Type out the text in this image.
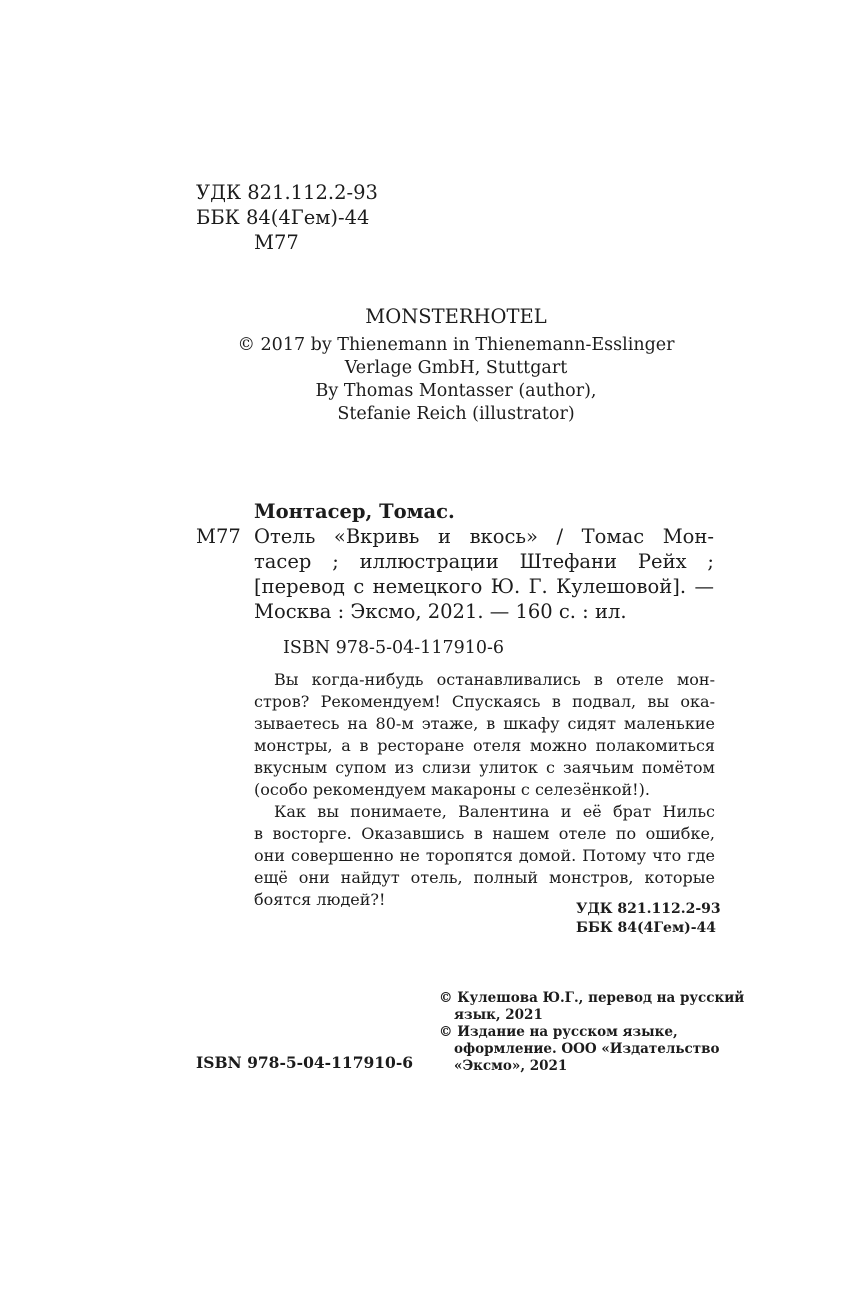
УДК 821.112.2-93
ББК 84(4Гем)-44
М77
MONSTERHOTEL
© 2017 by Thienemann in Thienemann-Esslinger
Verlage GmbH, Stuttgart
By Thomas Montasser (author),
Stefanie Reich (illustrator)
Монтасер, Томас.
М77 Отель «Вкривь и вкось» / Томас Мон-
тасер ; иллюстрации Штефани Рейх ;
[перевод с немецкого Ю. Г. Кулешовой]. —
Москва : Эксмо, 2021. — 160 с. : ил.
ISBN 978-5-04-117910-6
Вы когда-нибудь останавливались в отеле мон-
стров? Рекомендуем! Спускаясь в подвал, вы ока-
зываетесь на 80-м этаже, в шкафу сидят маленькие
монстры, а в ресторане отеля можно полакомиться
вкусным супом из слизи улиток с заячьим помётом
(особо рекомендуем макароны с селезёнкой!).
Как вы понимаете, Валентина и её брат Нильс
в восторге. Оказавшись в нашем отеле по ошибке,
они совершенно не торопятся домой. Потому что где
ещё они найдут отель, полный монстров, которые
боятся людей?!	УДК 821.112.2-93
ББК 84(4Гем)-44
ISBN 978-5-04-117910-6
© Кулешова Ю.Г., перевод на русский
язык, 2021
© Издание на русском языке,
оформление. ООО «Издательство
«Эксмо», 2021
